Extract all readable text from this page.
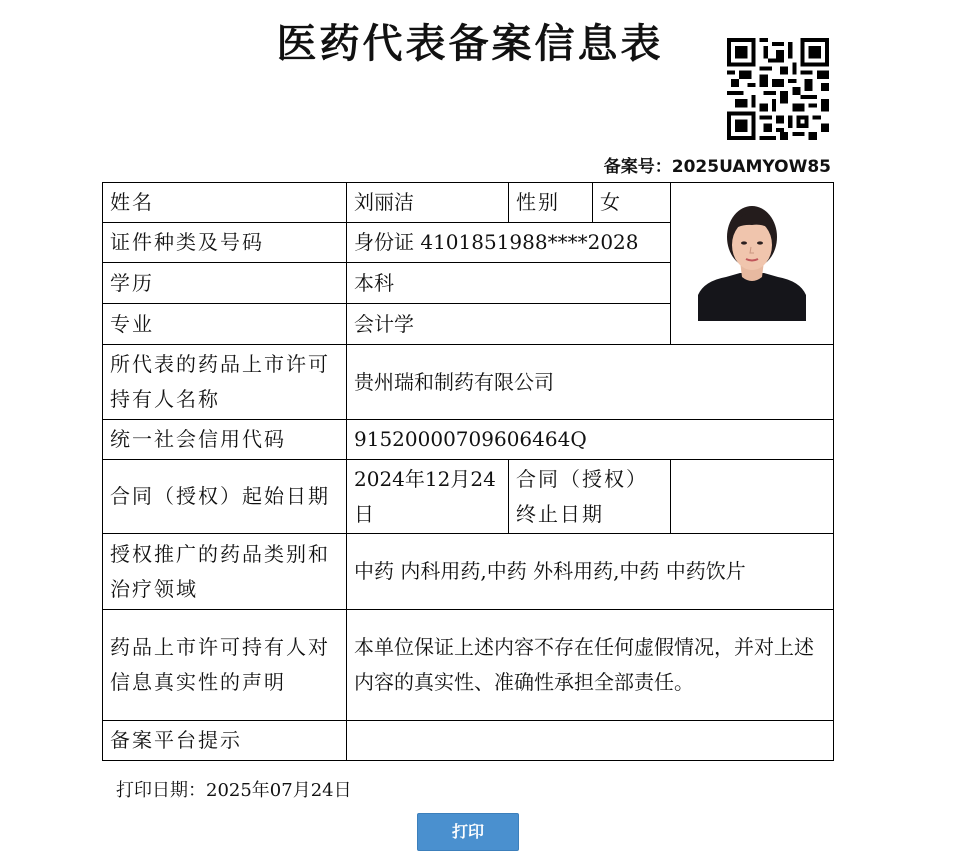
医药代表备案信息表
备案号：2025UAMYOW85
姓名	刘丽洁	性别	女	
证件种类及号码	身份证 4101851988****2028			
学历	本科			
专业	会计学			
所代表的药品上市许可持有人名称	贵州瑞和制药有限公司			
统一社会信用代码	91520000709606464Q			
合同（授权）起始日期	2024年12月24日	合同（授权）终止日期		
授权推广的药品类别和治疗领域	中药 内科用药,中药 外科用药,中药 中药饮片			
药品上市许可持有人对信息真实性的声明	本单位保证上述内容不存在任何虚假情况，并对上述内容的真实性、准确性承担全部责任。			
备案平台提示				
打印日期：2025年07月24日
打印
